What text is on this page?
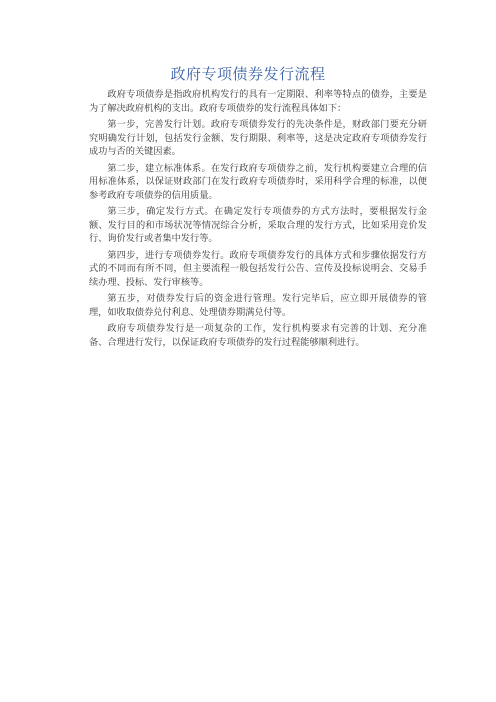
政府专项债券发行流程

政府专项债券是指政府机构发行的具有一定期限、利率等特点的债券，主要是为了解决政府机构的支出。政府专项债券的发行流程具体如下：

第一步，完善发行计划。政府专项债券发行的先决条件是，财政部门要充分研究明确发行计划，包括发行金额、发行期限、利率等，这是决定政府专项债券发行成功与否的关键因素。

第二步，建立标准体系。在发行政府专项债券之前，发行机构要建立合理的信用标准体系，以保证财政部门在发行政府专项债券时，采用科学合理的标准，以便参考政府专项债券的信用质量。

第三步，确定发行方式。在确定发行专项债券的方式方法时，要根据发行金额、发行目的和市场状况等情况综合分析，采取合理的发行方式，比如采用竞价发行、询价发行或者集中发行等。

第四步，进行专项债券发行。政府专项债券发行的具体方式和步骤依据发行方式的不同而有所不同，但主要流程一般包括发行公告、宣传及投标说明会、交易手续办理、投标、发行审核等。

第五步，对债券发行后的资金进行管理。发行完毕后，应立即开展债券的管理，如收取债券兑付利息、处理债券期满兑付等。

政府专项债券发行是一项复杂的工作，发行机构要求有完善的计划、充分准备、合理进行发行，以保证政府专项债券的发行过程能够顺利进行。
